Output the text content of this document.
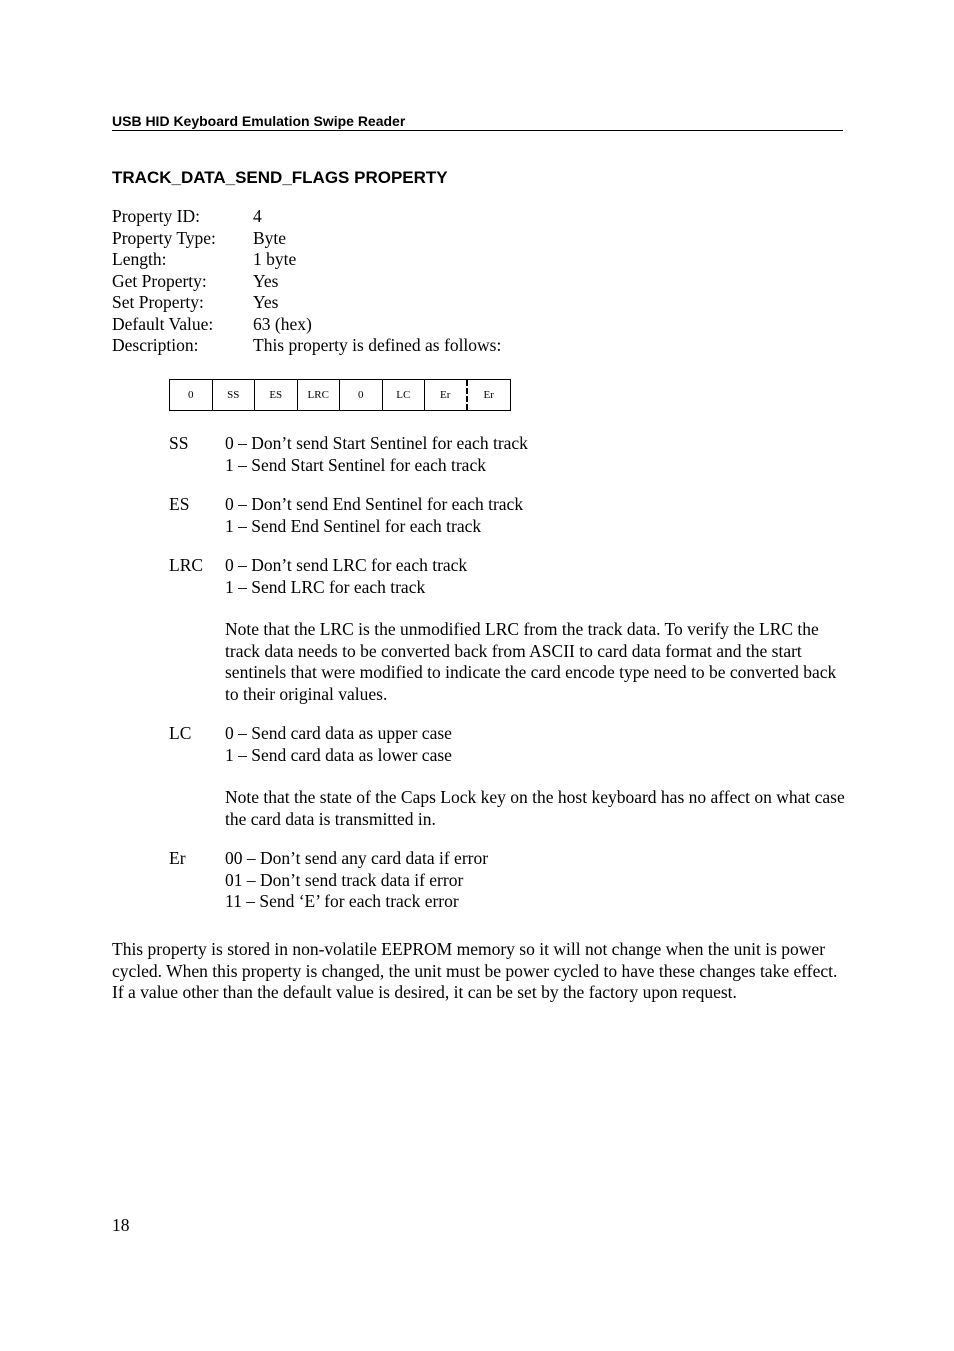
USB HID Keyboard Emulation Swipe Reader
TRACK_DATA_SEND_FLAGS PROPERTY
Property ID:	4
Property Type:	Byte
Length:	1 byte
Get Property:	Yes
Set Property:	Yes
Default Value:	63 (hex)
Description:	This property is defined as follows:
0	SS	ES	LRC	0	LC	Er	Er
SS	0 – Don’t send Start Sentinel for each track
1 – Send Start Sentinel for each track
ES	0 – Don’t send End Sentinel for each track
1 – Send End Sentinel for each track
LRC	0 – Don’t send LRC for each track
1 – Send LRC for each track
Note that the LRC is the unmodified LRC from the track data. To verify the LRC the track data needs to be converted back from ASCII to card data format and the start sentinels that were modified to indicate the card encode type need to be converted back to their original values.
LC	0 – Send card data as upper case
1 – Send card data as lower case
Note that the state of the Caps Lock key on the host keyboard has no affect on what case the card data is transmitted in.
Er	00 – Don’t send any card data if error
01 – Don’t send track data if error
11 – Send ‘E’ for each track error
This property is stored in non-volatile EEPROM memory so it will not change when the unit is power cycled. When this property is changed, the unit must be power cycled to have these changes take effect. If a value other than the default value is desired, it can be set by the factory upon request.
18
